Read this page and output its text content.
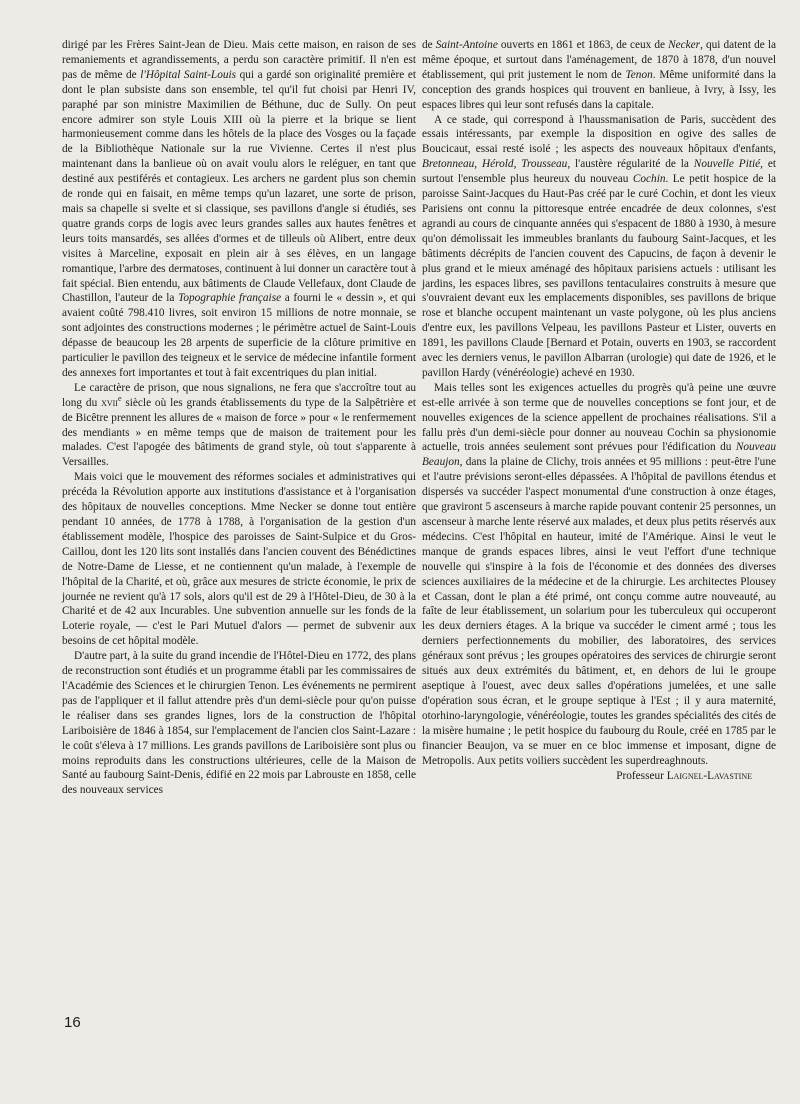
dirigé par les Frères Saint-Jean de Dieu. Mais cette maison, en raison de ses remaniements et agrandissements, a perdu son caractère primitif. Il n'en est pas de même de l'Hôpital Saint-Louis qui a gardé son originalité première et dont le plan subsiste dans son ensemble, tel qu'il fut choisi par Henri IV, paraphé par son ministre Maximilien de Béthune, duc de Sully. On peut encore admirer son style Louis XIII où la pierre et la brique se lient harmonieusement comme dans les hôtels de la place des Vosges ou la façade de la Bibliothèque Nationale sur la rue Vivienne. Certes il n'est plus maintenant dans la banlieue où on avait voulu alors le reléguer, en tant que destiné aux pestiférés et contagieux. Les archers ne gardent plus son chemin de ronde qui en faisait, en même temps qu'un lazaret, une sorte de prison, mais sa chapelle si svelte et si classique, ses pavillons d'angle si étudiés, ses quatre grands corps de logis avec leurs grandes salles aux hautes fenêtres et leurs toits mansardés, ses allées d'ormes et de tilleuls où Alibert, entre deux visites à Marceline, exposait en plein air à ses élèves, en un langage romantique, l'arbre des dermatoses, continuent à lui donner un caractère tout à fait spécial. Bien entendu, aux bâtiments de Claude Vellefaux, dont Claude de Chastillon, l'auteur de la Topographie française a fourni le « dessin », et qui avaient coûté 798.410 livres, soit environ 15 millions de notre monnaie, se sont adjointes des constructions modernes ; le périmètre actuel de Saint-Louis dépasse de beaucoup les 28 arpents de superficie de la clôture primitive en particulier le pavillon des teigneux et le service de médecine infantile forment des annexes fort importantes et tout à fait excentriques du plan initial.

Le caractère de prison, que nous signalions, ne fera que s'accroître tout au long du xvii$^e$ siècle où les grands établissements du type de la Salpêtrière et de Bicêtre prennent les allures de « maison de force » pour « le renfermement des mendiants » en même temps que de maison de traitement pour les malades. C'est l'apogée des bâtiments de grand style, où tout s'apparente à Versailles.

Mais voici que le mouvement des réformes sociales et administratives qui précéda la Révolution apporte aux institutions d'assistance et à l'organisation des hôpitaux de nouvelles conceptions. Mme Necker se donne tout entière pendant 10 années, de 1778 à 1788, à l'organisation de la gestion d'un établissement modèle, l'hospice des paroisses de Saint-Sulpice et du Gros-Caillou, dont les 120 lits sont installés dans l'ancien couvent des Bénédictines de Notre-Dame de Liesse, et ne contiennent qu'un malade, à l'exemple de l'hôpital de la Charité, et où, grâce aux mesures de stricte économie, le prix de journée ne revient qu'à 17 sols, alors qu'il est de 29 à l'Hôtel-Dieu, de 30 à la Charité et de 42 aux Incurables. Une subvention annuelle sur les fonds de la Loterie royale, — c'est le Pari Mutuel d'alors — permet de subvenir aux besoins de cet hôpital modèle.

D'autre part, à la suite du grand incendie de l'Hôtel-Dieu en 1772, des plans de reconstruction sont étudiés et un programme établi par les commissaires de l'Académie des Sciences et le chirurgien Tenon. Les événements ne permirent pas de l'appliquer et il fallut attendre près d'un demi-siècle pour qu'on puisse le réaliser dans ses grandes lignes, lors de la construction de l'hôpital Lariboisière de 1846 à 1854, sur l'emplacement de l'ancien clos Saint-Lazare : le coût s'éleva à 17 millions. Les grands pavillons de Lariboisière sont plus ou moins reproduits dans les constructions ultérieures, celle de la Maison de Santé au faubourg Saint-Denis, édifié en 22 mois par Labrouste en 1858, celle des nouveaux services

de Saint-Antoine ouverts en 1861 et 1863, de ceux de Necker, qui datent de la même époque, et surtout dans l'aménagement, de 1870 à 1878, d'un nouvel établissement, qui prit justement le nom de Tenon. Même uniformité dans la conception des grands hospices qui trouvent en banlieue, à Ivry, à Issy, les espaces libres qui leur sont refusés dans la capitale.

A ce stade, qui correspond à l'haussmanisation de Paris, succèdent des essais intéressants, par exemple la disposition en ogive des salles de Boucicaut, essai resté isolé ; les aspects des nouveaux hôpitaux d'enfants, Bretonneau, Hérold, Trousseau, l'austère régularité de la Nouvelle Pitié, et surtout l'ensemble plus heureux du nouveau Cochin. Le petit hospice de la paroisse Saint-Jacques du Haut-Pas créé par le curé Cochin, et dont les vieux Parisiens ont connu la pittoresque entrée encadrée de deux colonnes, s'est agrandi au cours de cinquante années qui s'espacent de 1880 à 1930, à mesure qu'on démolissait les immeubles branlants du faubourg Saint-Jacques, et les bâtiments décrépits de l'ancien couvent des Capucins, de façon à devenir le plus grand et le mieux aménagé des hôpitaux parisiens actuels : utilisant les jardins, les espaces libres, ses pavillons tentaculaires construits à mesure que s'ouvraient devant eux les emplacements disponibles, ses pavillons de brique rose et blanche occupent maintenant un vaste polygone, où les plus anciens d'entre eux, les pavillons Velpeau, les pavillons Pasteur et Lister, ouverts en 1891, les pavillons Claude [Bernard et Potain, ouverts en 1903, se raccordent avec les derniers venus, le pavillon Albarran (urologie) qui date de 1926, et le pavillon Hardy (vénéréologie) achevé en 1930.

Mais telles sont les exigences actuelles du progrès qu'à peine une œuvre est-elle arrivée à son terme que de nouvelles conceptions se font jour, et de nouvelles exigences de la science appellent de prochaines réalisations. S'il a fallu près d'un demi-siècle pour donner au nouveau Cochin sa physionomie actuelle, trois années seulement sont prévues pour l'édification du Nouveau Beaujon, dans la plaine de Clichy, trois années et 95 millions : peut-être l'une et l'autre prévisions seront-elles dépassées. A l'hôpital de pavillons étendus et dispersés va succéder l'aspect monumental d'une construction à onze étages, que graviront 5 ascenseurs à marche rapide pouvant contenir 25 personnes, un ascenseur à marche lente réservé aux malades, et deux plus petits réservés aux médecins. C'est l'hôpital en hauteur, imité de l'Amérique. Ainsi le veut le manque de grands espaces libres, ainsi le veut l'effort d'une technique nouvelle qui s'inspire à la fois de l'économie et des données des diverses sciences auxiliaires de la médecine et de la chirurgie. Les architectes Plousey et Cassan, dont le plan a été primé, ont conçu comme autre nouveauté, au faîte de leur établissement, un solarium pour les tuberculeux qui occuperont les deux derniers étages. A la brique va succéder le ciment armé ; tous les derniers perfectionnements du mobilier, des laboratoires, des services généraux sont prévus ; les groupes opératoires des services de chirurgie seront situés aux deux extrémités du bâtiment, et, en dehors de lui le groupe aseptique à l'ouest, avec deux salles d'opérations jumelées, et une salle d'opération sous écran, et le groupe septique à l'Est ; il y aura maternité, otorhino-laryngologie, vénéréologie, toutes les grandes spécialités des cités de la misère humaine ; le petit hospice du faubourg du Roule, créé en 1785 par le financier Beaujon, va se muer en ce bloc immense et imposant, digne de Metropolis. Aux petits voiliers succèdent les superdreaghnouts.

Professeur Laignel-Lavastine
16
